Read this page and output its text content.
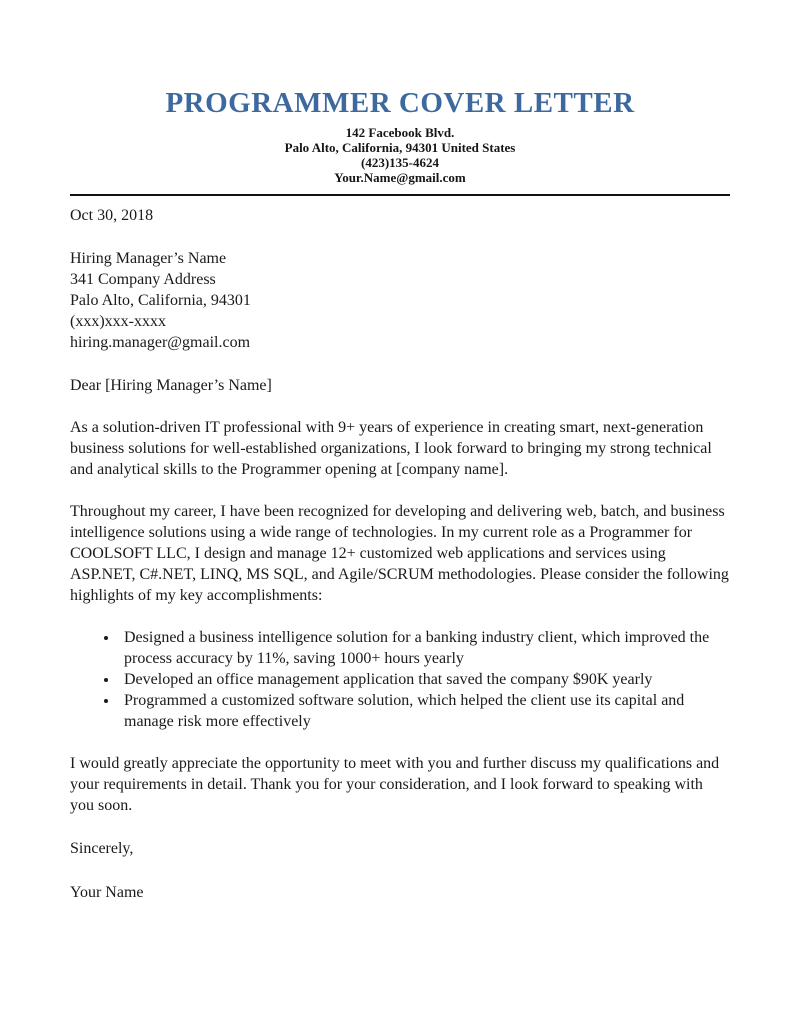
PROGRAMMER COVER LETTER
142 Facebook Blvd.
Palo Alto, California, 94301 United States
(423)135-4624
Your.Name@gmail.com

Oct 30, 2018

Hiring Manager’s Name
341 Company Address
Palo Alto, California, 94301
(xxx)xxx-xxxx
hiring.manager@gmail.com

Dear [Hiring Manager’s Name]

As a solution-driven IT professional with 9+ years of experience in creating smart, next-generation business solutions for well-established organizations, I look forward to bringing my strong technical and analytical skills to the Programmer opening at [company name].

Throughout my career, I have been recognized for developing and delivering web, batch, and business intelligence solutions using a wide range of technologies. In my current role as a Programmer for COOLSOFT LLC, I design and manage 12+ customized web applications and services using ASP.NET, C#.NET, LINQ, MS SQL, and Agile/SCRUM methodologies. Please consider the following highlights of my key accomplishments:

• Designed a business intelligence solution for a banking industry client, which improved the process accuracy by 11%, saving 1000+ hours yearly
• Developed an office management application that saved the company $90K yearly
• Programmed a customized software solution, which helped the client use its capital and manage risk more effectively

I would greatly appreciate the opportunity to meet with you and further discuss my qualifications and your requirements in detail. Thank you for your consideration, and I look forward to speaking with you soon.

Sincerely,

Your Name
